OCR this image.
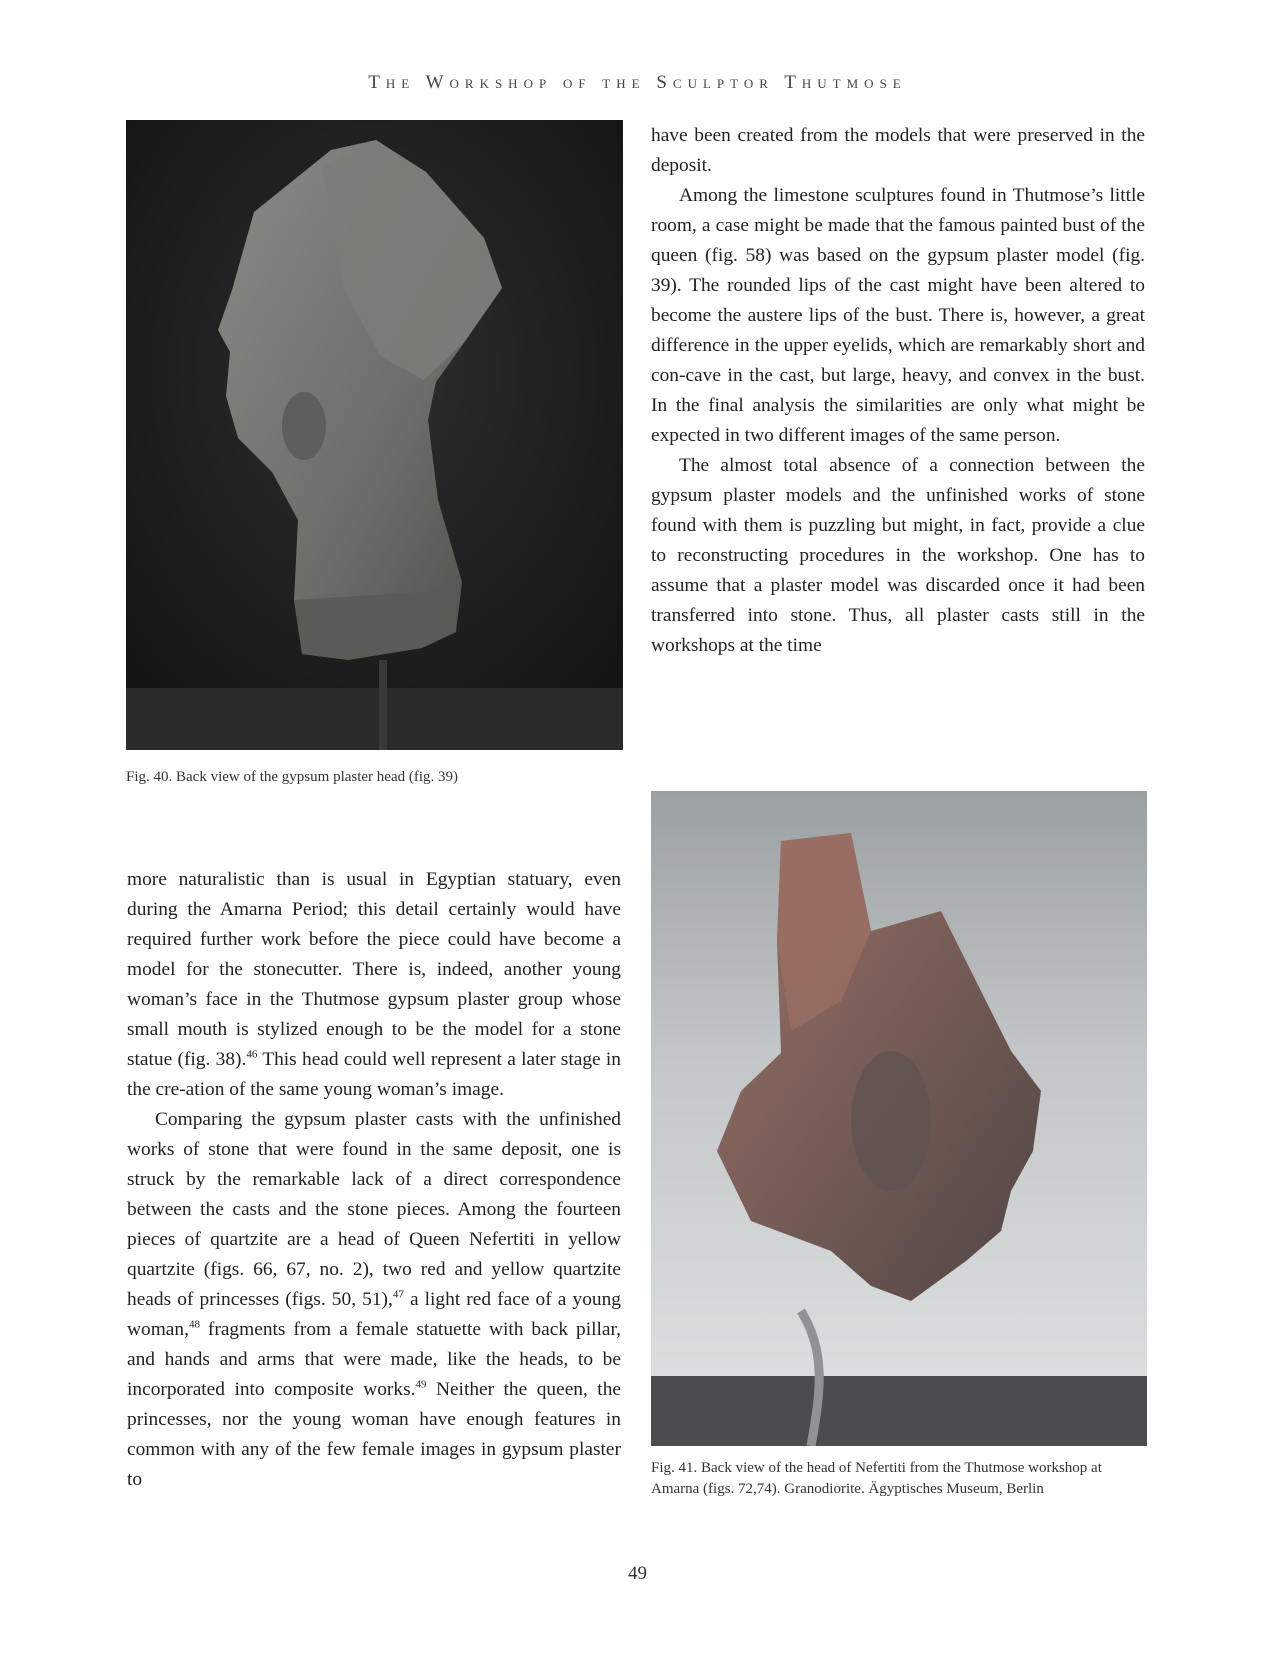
The Workshop of the Sculptor Thutmose
Fig. 40. Back view of the gypsum plaster head (fig. 39)

have been created from the models that were preserved in the deposit.

Among the limestone sculptures found in Thutmose’s little room, a case might be made that the famous painted bust of the queen (fig. 58) was based on the gypsum plaster model (fig. 39). The rounded lips of the cast might have been altered to become the austere lips of the bust. There is, however, a great difference in the upper eyelids, which are remarkably short and con-cave in the cast, but large, heavy, and convex in the bust. In the final analysis the similarities are only what might be expected in two different images of the same person.

The almost total absence of a connection between the gypsum plaster models and the unfinished works of stone found with them is puzzling but might, in fact, provide a clue to reconstructing procedures in the workshop. One has to assume that a plaster model was discarded once it had been transferred into stone. Thus, all plaster casts still in the workshops at the time

Fig. 41. Back view of the head of Nefertiti from the Thutmose workshop at Amarna (figs. 72,74). Granodiorite. Ägyptisches Museum, Berlin

more naturalistic than is usual in Egyptian statuary, even during the Amarna Period; this detail certainly would have required further work before the piece could have become a model for the stonecutter. There is, indeed, another young woman’s face in the Thutmose gypsum plaster group whose small mouth is stylized enough to be the model for a stone statue (fig. 38).$^{46}$ This head could well represent a later stage in the cre-ation of the same young woman’s image.

Comparing the gypsum plaster casts with the unfinished works of stone that were found in the same deposit, one is struck by the remarkable lack of a direct correspondence between the casts and the stone pieces. Among the fourteen pieces of quartzite are a head of Queen Nefertiti in yellow quartzite (figs. 66, 67, no. 2), two red and yellow quartzite heads of princesses (figs. 50, 51),$^{47}$ a light red face of a young woman,$^{48}$ fragments from a female statuette with back pillar, and hands and arms that were made, like the heads, to be incorporated into composite works.$^{49}$ Neither the queen, the princesses, nor the young woman have enough features in common with any of the few female images in gypsum plaster to

49
